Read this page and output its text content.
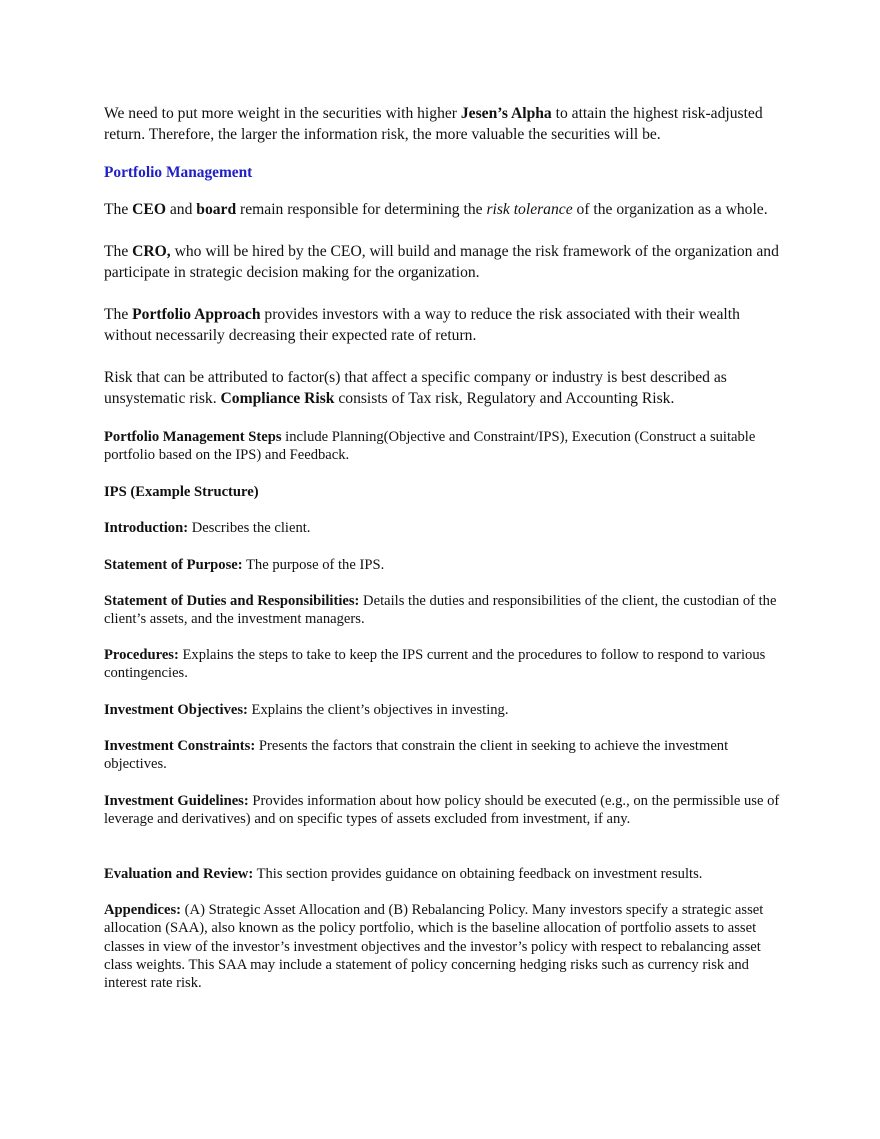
We need to put more weight in the securities with higher Jesen’s Alpha to attain the highest risk-adjusted return. Therefore, the larger the information risk, the more valuable the securities will be.

Portfolio Management

The CEO and board remain responsible for determining the risk tolerance of the organization as a whole.

The CRO, who will be hired by the CEO, will build and manage the risk framework of the organization and participate in strategic decision making for the organization.

The Portfolio Approach provides investors with a way to reduce the risk associated with their wealth without necessarily decreasing their expected rate of return.

Risk that can be attributed to factor(s) that affect a specific company or industry is best described as unsystematic risk. Compliance Risk consists of Tax risk, Regulatory and Accounting Risk.

Portfolio Management Steps include Planning(Objective and Constraint/IPS), Execution (Construct a suitable portfolio based on the IPS) and Feedback.

IPS (Example Structure)

Introduction: Describes the client.

Statement of Purpose: The purpose of the IPS.

Statement of Duties and Responsibilities: Details the duties and responsibilities of the client, the custodian of the client’s assets, and the investment managers.

Procedures: Explains the steps to take to keep the IPS current and the procedures to follow to respond to various contingencies.

Investment Objectives: Explains the client’s objectives in investing.

Investment Constraints: Presents the factors that constrain the client in seeking to achieve the investment objectives.

Investment Guidelines: Provides information about how policy should be executed (e.g., on the permissible use of leverage and derivatives) and on specific types of assets excluded from investment, if any.

Evaluation and Review: This section provides guidance on obtaining feedback on investment results.

Appendices: (A) Strategic Asset Allocation and (B) Rebalancing Policy. Many investors specify a strategic asset allocation (SAA), also known as the policy portfolio, which is the baseline allocation of portfolio assets to asset classes in view of the investor’s investment objectives and the investor’s policy with respect to rebalancing asset class weights. This SAA may include a statement of policy concerning hedging risks such as currency risk and interest rate risk.
